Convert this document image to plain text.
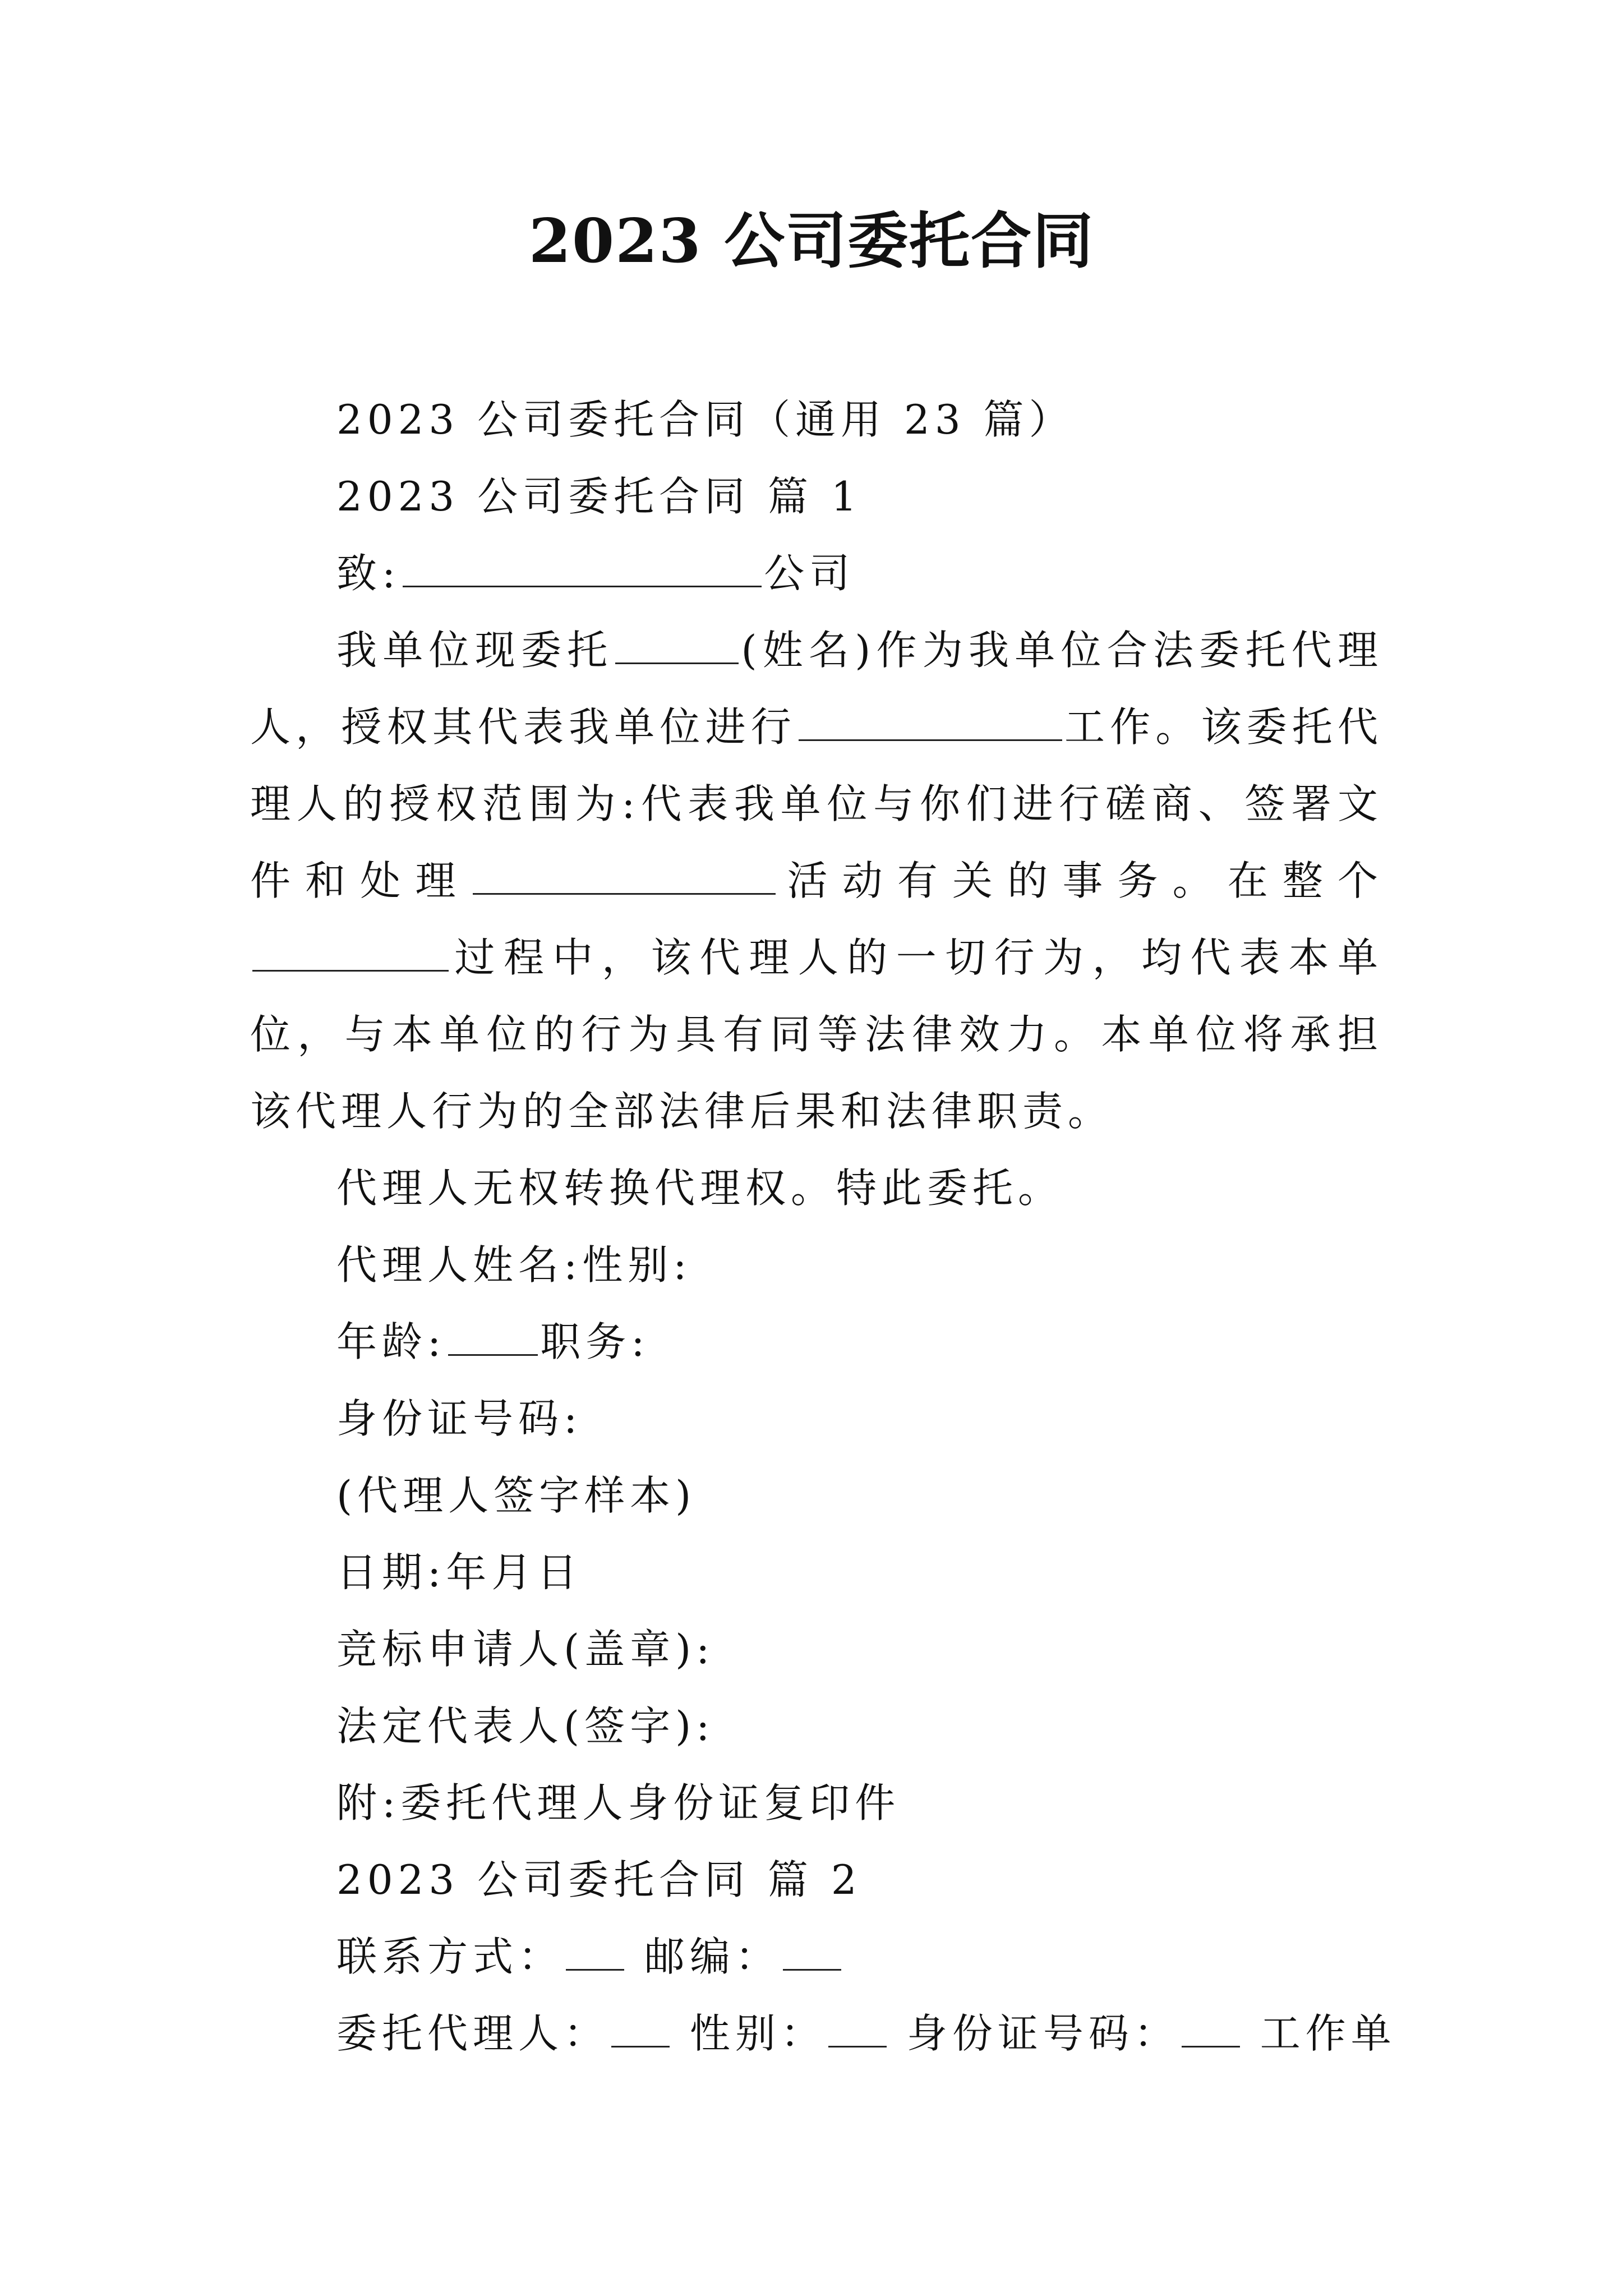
2023 公司委托合同
2023 公司委托合同（通用 23 篇）
2023 公司委托合同 篇 1
致:	公司
我单位现委托	(姓名)作为我单位合法委托代理人，授权其代表我单位进行	工作。该委托代理人的授权范围为:代表我单位与你们进行磋商、签署文件和处理	活动有关的事务。在整个过程中，该代理人的一切行为，均代表本单位，与本单位的行为具有同等法律效力。本单位将承担该代理人行为的全部法律后果和法律职责。
代理人无权转换代理权。特此委托。
代理人姓名:性别:
年龄: 职务:
身份证号码:
(代理人签字样本)
日期:年月日
竞标申请人(盖章):
法定代表人(签字):
附:委托代理人身份证复印件
2023 公司委托合同 篇 2
联系方式： 邮编：
委托代理人： 性别： 身份证号码： 工作单
